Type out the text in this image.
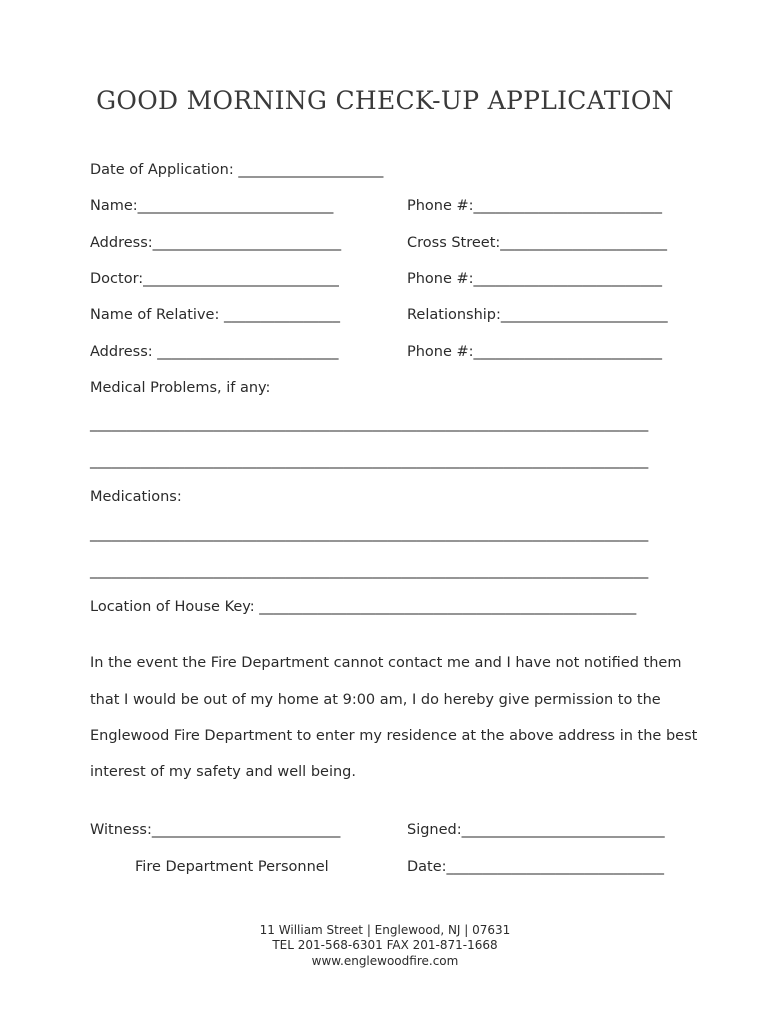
GOOD MORNING CHECK-UP APPLICATION
Date of Application: ____________________
Name:___________________________	Phone #:__________________________
Address:__________________________	Cross Street:_______________________
Doctor:___________________________	Phone #:__________________________
Name of Relative: ________________	Relationship:_______________________
Address: _________________________	Phone #:__________________________
Medical Problems, if any:
_____________________________________________________________________________
_____________________________________________________________________________
Medications:
_____________________________________________________________________________
_____________________________________________________________________________
Location of House Key: ____________________________________________________
In the event the Fire Department cannot contact me and I have not notified them
that I would be out of my home at 9:00 am, I do hereby give permission to the
Englewood Fire Department to enter my residence at the above address in the best
interest of my safety and well being.
Witness:__________________________	Signed:____________________________
Fire Department Personnel	Date:______________________________
11 William Street | Englewood, NJ | 07631
TEL 201-568-6301 FAX 201-871-1668
www.englewoodfire.com
